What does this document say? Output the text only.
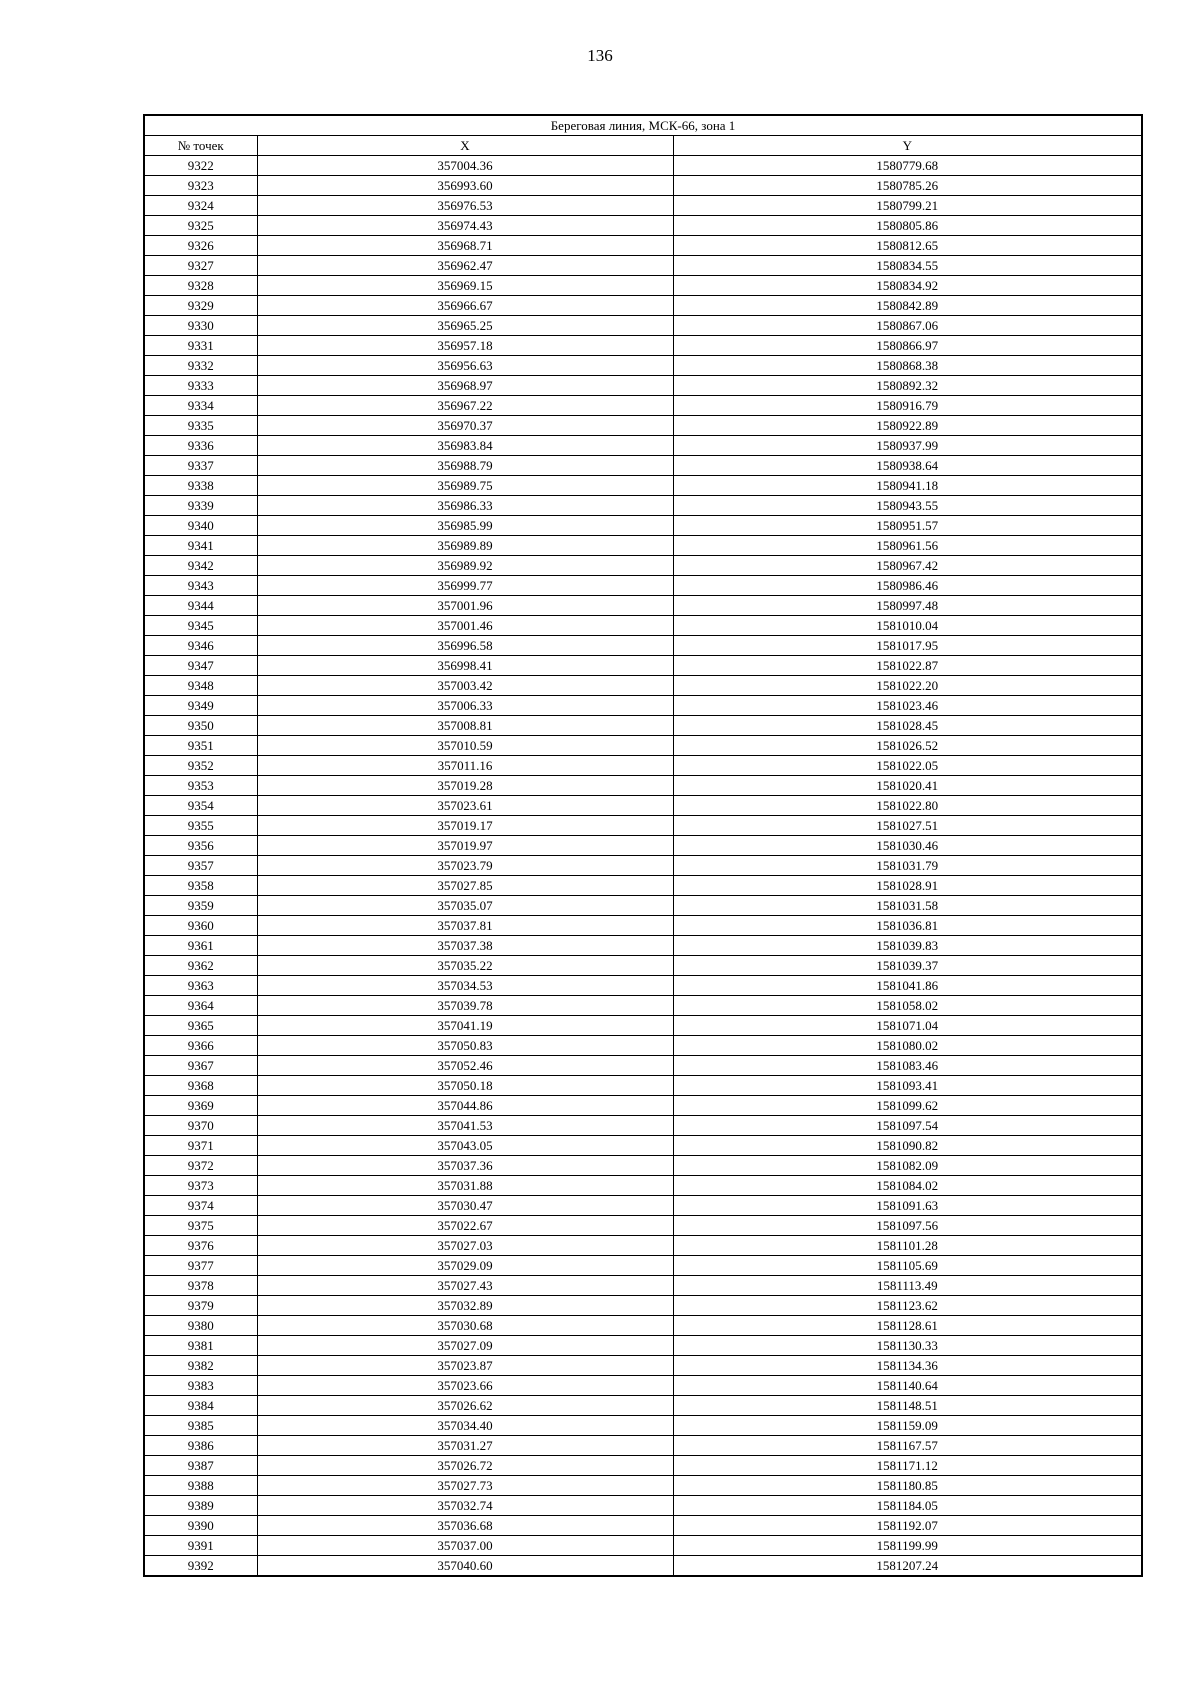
136
Береговая линия, МСК-66, зона 1		
№ точек	X	Y
9322	357004.36	1580779.68
9323	356993.60	1580785.26
9324	356976.53	1580799.21
9325	356974.43	1580805.86
9326	356968.71	1580812.65
9327	356962.47	1580834.55
9328	356969.15	1580834.92
9329	356966.67	1580842.89
9330	356965.25	1580867.06
9331	356957.18	1580866.97
9332	356956.63	1580868.38
9333	356968.97	1580892.32
9334	356967.22	1580916.79
9335	356970.37	1580922.89
9336	356983.84	1580937.99
9337	356988.79	1580938.64
9338	356989.75	1580941.18
9339	356986.33	1580943.55
9340	356985.99	1580951.57
9341	356989.89	1580961.56
9342	356989.92	1580967.42
9343	356999.77	1580986.46
9344	357001.96	1580997.48
9345	357001.46	1581010.04
9346	356996.58	1581017.95
9347	356998.41	1581022.87
9348	357003.42	1581022.20
9349	357006.33	1581023.46
9350	357008.81	1581028.45
9351	357010.59	1581026.52
9352	357011.16	1581022.05
9353	357019.28	1581020.41
9354	357023.61	1581022.80
9355	357019.17	1581027.51
9356	357019.97	1581030.46
9357	357023.79	1581031.79
9358	357027.85	1581028.91
9359	357035.07	1581031.58
9360	357037.81	1581036.81
9361	357037.38	1581039.83
9362	357035.22	1581039.37
9363	357034.53	1581041.86
9364	357039.78	1581058.02
9365	357041.19	1581071.04
9366	357050.83	1581080.02
9367	357052.46	1581083.46
9368	357050.18	1581093.41
9369	357044.86	1581099.62
9370	357041.53	1581097.54
9371	357043.05	1581090.82
9372	357037.36	1581082.09
9373	357031.88	1581084.02
9374	357030.47	1581091.63
9375	357022.67	1581097.56
9376	357027.03	1581101.28
9377	357029.09	1581105.69
9378	357027.43	1581113.49
9379	357032.89	1581123.62
9380	357030.68	1581128.61
9381	357027.09	1581130.33
9382	357023.87	1581134.36
9383	357023.66	1581140.64
9384	357026.62	1581148.51
9385	357034.40	1581159.09
9386	357031.27	1581167.57
9387	357026.72	1581171.12
9388	357027.73	1581180.85
9389	357032.74	1581184.05
9390	357036.68	1581192.07
9391	357037.00	1581199.99
9392	357040.60	1581207.24
